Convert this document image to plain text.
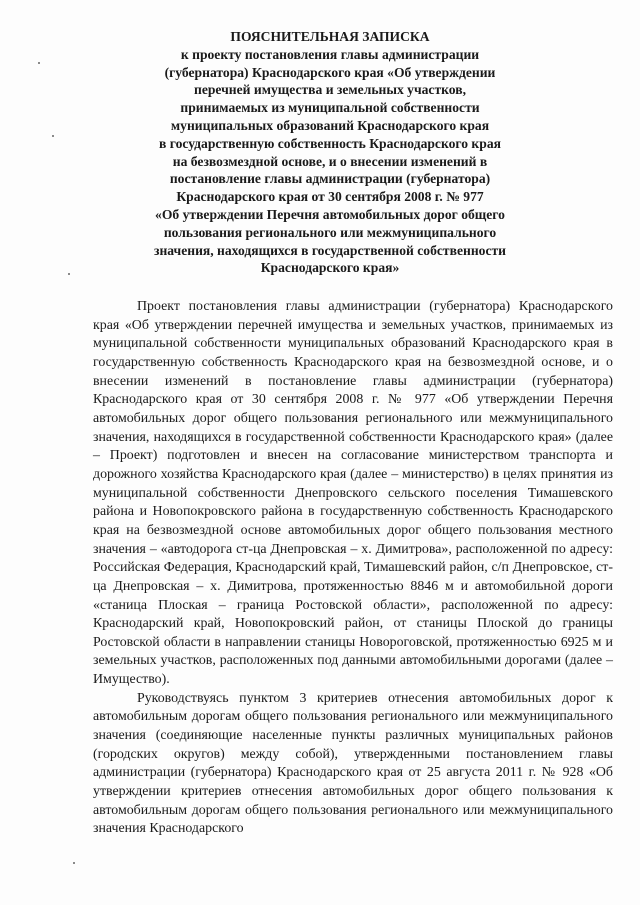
ПОЯСНИТЕЛЬНАЯ ЗАПИСКА
к проекту постановления главы администрации
(губернатора) Краснодарского края «Об утверждении
перечней имущества и земельных участков,
принимаемых из муниципальной собственности
муниципальных образований Краснодарского края
в государственную собственность Краснодарского края
на безвозмездной основе, и о внесении изменений в
постановление главы администрации (губернатора)
Краснодарского края от 30 сентября 2008 г. № 977
«Об утверждении Перечня автомобильных дорог общего
пользования регионального или межмуниципального
значения, находящихся в государственной собственности
Краснодарского края»

Проект постановления главы администрации (губернатора) Краснодарского края «Об утверждении перечней имущества и земельных участков, принимаемых из муниципальной собственности муниципальных образований Краснодарского края в государственную собственность Краснодарского края на безвозмездной основе, и о внесении изменений в постановление главы администрации (губернатора) Краснодарского края от 30 сентября 2008 г. № 977 «Об утверждении Перечня автомобильных дорог общего пользования регионального или межмуниципального значения, находящихся в государственной собственности Краснодарского края» (далее – Проект) подготовлен и внесен на согласование министерством транспорта и дорожного хозяйства Краснодарского края (далее – министерство) в целях принятия из муниципальной собственности Днепровского сельского поселения Тимашевского района и Новопокровского района в государственную собственность Краснодарского края на безвозмездной основе автомобильных дорог общего пользования местного значения – «автодорога ст-ца Днепровская – х. Димитрова», расположенной по адресу: Российская Федерация, Краснодарский край, Тимашевский район, с/п Днепровское, ст-ца Днепровская – х. Димитрова, протяженностью 8846 м и автомобильной дороги «станица Плоская – граница Ростовской области», расположенной по адресу: Краснодарский край, Новопокровский район, от станицы Плоской до границы Ростовской области в направлении станицы Новороговской, протяженностью 6925 м и земельных участков, расположенных под данными автомобильными дорогами (далее – Имущество).

Руководствуясь пунктом 3 критериев отнесения автомобильных дорог к автомобильным дорогам общего пользования регионального или межмуниципального значения (соединяющие населенные пункты различных муниципальных районов (городских округов) между собой), утвержденными постановлением главы администрации (губернатора) Краснодарского края от 25 августа 2011 г. № 928 «Об утверждении критериев отнесения автомобильных дорог общего пользования к автомобильным дорогам общего пользования регионального или межмуниципального значения Краснодарского
